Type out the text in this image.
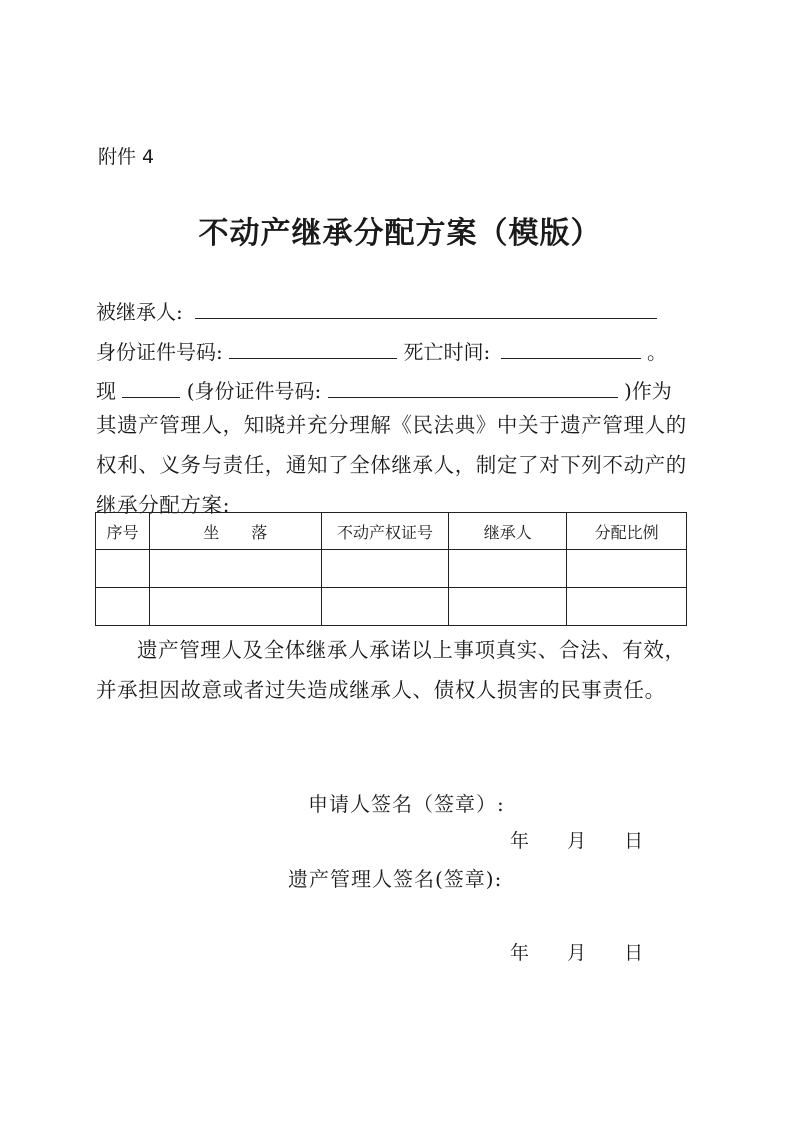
附件 4
不动产继承分配方案（模版）
被继承人:
身份证件号码:	死亡时间:	。
现	(身份证件号码:	)作为
其遗产管理人，知晓并充分理解《民法典》中关于遗产管理人的权利、义务与责任，通知了全体继承人，制定了对下列不动产的继承分配方案:
序号	坐　　落	不动产权证号	继承人	分配比例

遗产管理人及全体继承人承诺以上事项真实、合法、有效，并承担因故意或者过失造成继承人、债权人损害的民事责任。
申请人签名（签章）:
年 月 日
遗产管理人签名(签章):
年 月 日
